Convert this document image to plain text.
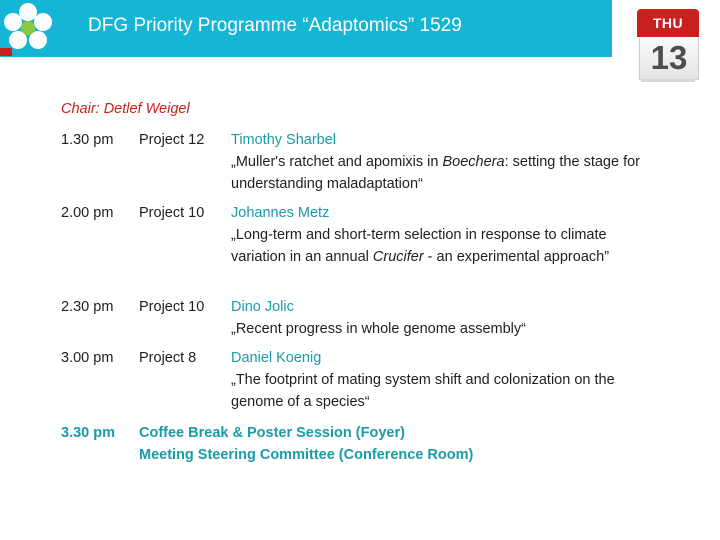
DFG Priority Programme “Adaptomics” 1529	THU
13
Chair: Detlef Weigel
1.30 pm Project 12 Timothy Sharbel
„Muller's ratchet and apomixis in Boechera: setting the stage for understanding maladaptation“
2.00 pm Project 10 Johannes Metz
„Long-term and short-term selection in response to climate variation in an annual Crucifer - an experimental approach”
2.30 pm Project 10 Dino Jolic
„Recent progress in whole genome assembly“
3.00 pm Project 8 Daniel Koenig
„The footprint of mating system shift and colonization on the genome of a species“
3.30 pm Coffee Break & Poster Session (Foyer)
Meeting Steering Committee (Conference Room)
